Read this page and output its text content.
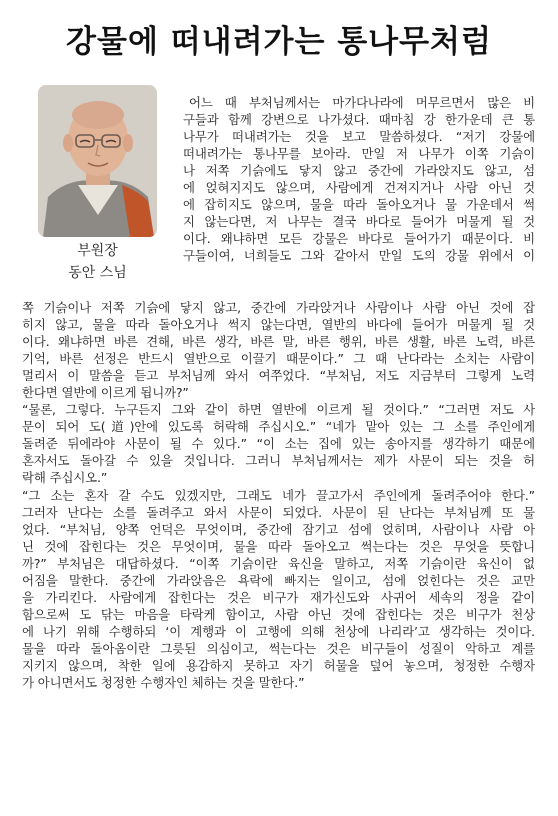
강물에 떠내려가는 통나무처럼
부원장
동안 스님
어느 때 부처님께서는 마가다나라에 머무르면서 많은 비
구들과 함께 강변으로 나가셨다. 때마침 강 한가운데 큰 통
나무가 떠내려가는 것을 보고 말씀하셨다. “저기 강물에
떠내려가는 통나무를 보아라. 만일 저 나무가 이쪽 기슭이
나 저쪽 기슭에도 닿지 않고 중간에 가라앉지도 않고, 섬
에 얹혀지지도 않으며, 사람에게 건져지거나 사람 아닌 것
에 잡히지도 않으며, 물을 따라 돌아오거나 물 가운데서 썩
지 않는다면, 저 나무는 결국 바다로 들어가 머물게 될 것
이다. 왜냐하면 모든 강물은 바다로 들어가기 때문이다. 비
구들이여, 너희들도 그와 같아서 만일 도의 강물 위에서 이
쪽 기슭이나 저쪽 기슭에 닿지 않고, 중간에 가라앉거나 사람이나 사람 아닌 것에 잡
히지 않고, 물을 따라 돌아오거나 썩지 않는다면, 열반의 바다에 들어가 머물게 될 것
이다. 왜냐하면 바른 견해, 바른 생각, 바른 말, 바른 행위, 바른 생활, 바른 노력, 바른
기억, 바른 선정은 반드시 열반으로 이끌기 때문이다.” 그 때 난다라는 소치는 사람이
멀리서 이 말씀을 듣고 부처님께 와서 여쭈었다. “부처님, 저도 지금부터 그렇게 노력
한다면 열반에 이르게 됩니까?”
“물론, 그렇다. 누구든지 그와 같이 하면 열반에 이르게 될 것이다.” “그러면 저도 사
문이 되어 도(道)안에 있도록 허락해 주십시오.” “네가 맡아 있는 그 소를 주인에게
돌려준 뒤에라야 사문이 될 수 있다.” “이 소는 집에 있는 송아지를 생각하기 때문에
혼자서도 돌아갈 수 있을 것입니다. 그러니 부처님께서는 제가 사문이 되는 것을 허
락해 주십시오.”
“그 소는 혼자 갈 수도 있겠지만, 그래도 네가 끌고가서 주인에게 돌려주어야 한다.”
그러자 난다는 소를 돌려주고 와서 사문이 되었다. 사문이 된 난다는 부처님께 또 물
었다. “부처님, 양쪽 언덕은 무엇이며, 중간에 잠기고 섬에 얹히며, 사람이나 사람 아
닌 것에 잡힌다는 것은 무엇이며, 물을 따라 돌아오고 썩는다는 것은 무엇을 뜻합니
까?” 부처님은 대답하셨다. “이쪽 기슭이란 육신을 말하고, 저쪽 기슭이란 육신이 없
어짐을 말한다. 중간에 가라앉음은 욕락에 빠지는 일이고, 섬에 얹힌다는 것은 교만
을 가리킨다. 사람에게 잡힌다는 것은 비구가 재가신도와 사귀어 세속의 정을 같이
함으로써 도 닦는 마음을 타락케 함이고, 사람 아닌 것에 잡힌다는 것은 비구가 천상
에 나기 위해 수행하되 ‘이 계행과 이 고행에 의해 천상에 나리라’고 생각하는 것이다.
물을 따라 돌아옴이란 그릇된 의심이고, 썩는다는 것은 비구들이 성질이 악하고 계를
지키지 않으며, 착한 일에 용감하지 못하고 자기 허물을 덮어 놓으며, 청정한 수행자
가 아니면서도 청정한 수행자인 체하는 것을 말한다.”
